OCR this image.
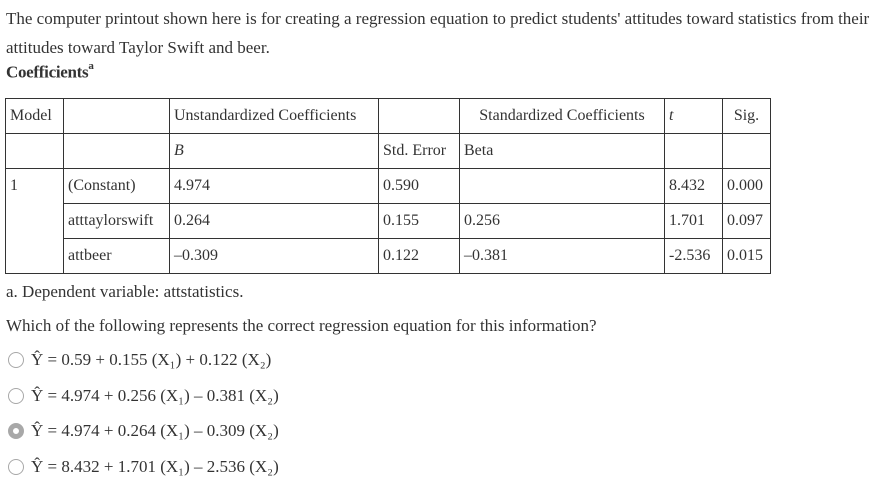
The computer printout shown here is for creating a regression equation to predict students' attitudes toward statistics from their attitudes toward Taylor Swift and beer.
Coefficients$^a$
Model		Unstandardized Coefficients		Standardized Coefficients	t	Sig.
		B	Std. Error	Beta		
1	(Constant)	4.974	0.590		8.432	0.000
	atttaylorswift	0.264	0.155	0.256	1.701	0.097
	attbeer	–0.309	0.122	–0.381	-2.536	0.015
a. Dependent variable: attstatistics.
Which of the following represents the correct regression equation for this information?
Ŷ = 0.59 + 0.155 (X₁) + 0.122 (X₂)
Ŷ = 4.974 + 0.256 (X₁) – 0.381 (X₂)
Ŷ = 4.974 + 0.264 (X₁) – 0.309 (X₂)
Ŷ = 8.432 + 1.701 (X₁) – 2.536 (X₂)
